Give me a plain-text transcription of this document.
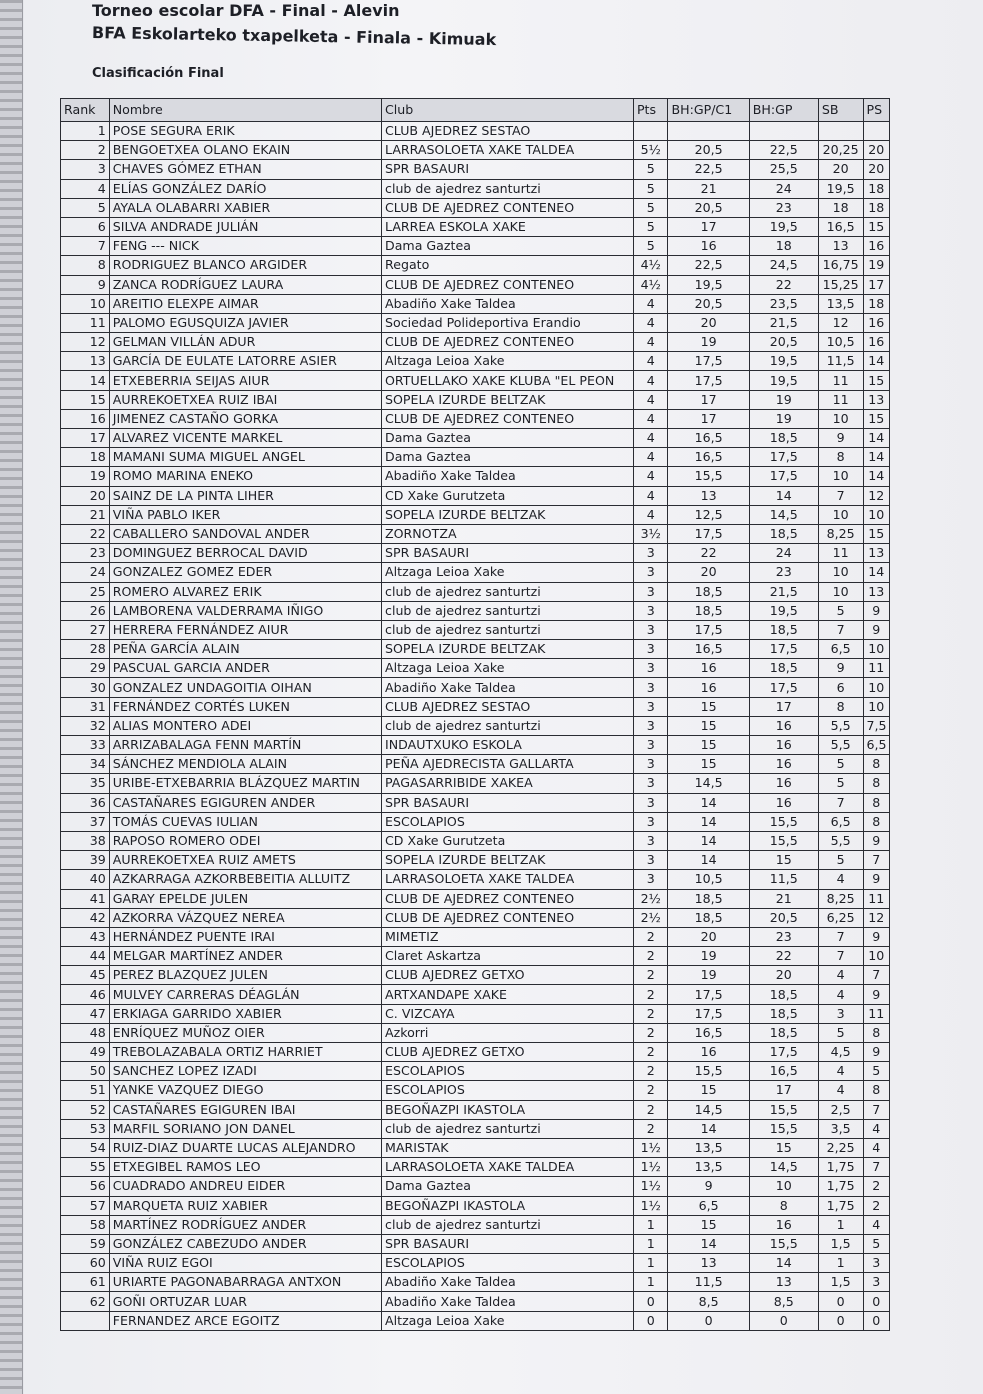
Torneo escolar DFA - Final - Alevin

BFA Eskolarteko txapelketa - Finala - Kimuak

Clasificación Final
Rank	Nombre	Club	Pts	BH:GP/C1	BH:GP	SB	PS
1	POSE SEGURA ERIK	CLUB AJEDREZ SESTAO					
2	BENGOETXEA OLANO EKAIN	LARRASOLOETA XAKE TALDEA	5½	20,5	22,5	20,25	20
3	CHAVES GÓMEZ ETHAN	SPR BASAURI	5	22,5	25,5	20	20
4	ELÍAS GONZÁLEZ DARÍO	club de ajedrez santurtzi	5	21	24	19,5	18
5	AYALA OLABARRI XABIER	CLUB DE AJEDREZ CONTENEO	5	20,5	23	18	18
6	SILVA ANDRADE JULIÁN	LARREA ESKOLA XAKE	5	17	19,5	16,5	15
7	FENG --- NICK	Dama Gaztea	5	16	18	13	16
8	RODRIGUEZ BLANCO ARGIDER	Regato	4½	22,5	24,5	16,75	19
9	ZANCA RODRÍGUEZ LAURA	CLUB DE AJEDREZ CONTENEO	4½	19,5	22	15,25	17
10	AREITIO ELEXPE AIMAR	Abadiño Xake Taldea	4	20,5	23,5	13,5	18
11	PALOMO EGUSQUIZA JAVIER	Sociedad Polideportiva Erandio	4	20	21,5	12	16
12	GELMAN VILLÁN ADUR	CLUB DE AJEDREZ CONTENEO	4	19	20,5	10,5	16
13	GARCÍA DE EULATE LATORRE ASIER	Altzaga Leioa Xake	4	17,5	19,5	11,5	14
14	ETXEBERRIA SEIJAS AIUR	ORTUELLAKO XAKE KLUBA "EL PEON	4	17,5	19,5	11	15
15	AURREKOETXEA RUIZ IBAI	SOPELA IZURDE BELTZAK	4	17	19	11	13
16	JIMENEZ CASTAÑO GORKA	CLUB DE AJEDREZ CONTENEO	4	17	19	10	15
17	ALVAREZ VICENTE MARKEL	Dama Gaztea	4	16,5	18,5	9	14
18	MAMANI SUMA MIGUEL ANGEL	Dama Gaztea	4	16,5	17,5	8	14
19	ROMO MARINA ENEKO	Abadiño Xake Taldea	4	15,5	17,5	10	14
20	SAINZ DE LA PINTA LIHER	CD Xake Gurutzeta	4	13	14	7	12
21	VIÑA PABLO IKER	SOPELA IZURDE BELTZAK	4	12,5	14,5	10	10
22	CABALLERO SANDOVAL ANDER	ZORNOTZA	3½	17,5	18,5	8,25	15
23	DOMINGUEZ BERROCAL DAVID	SPR BASAURI	3	22	24	11	13
24	GONZALEZ GOMEZ EDER	Altzaga Leioa Xake	3	20	23	10	14
25	ROMERO ALVAREZ ERIK	club de ajedrez santurtzi	3	18,5	21,5	10	13
26	LAMBORENA VALDERRAMA IÑIGO	club de ajedrez santurtzi	3	18,5	19,5	5	9
27	HERRERA FERNÁNDEZ AIUR	club de ajedrez santurtzi	3	17,5	18,5	7	9
28	PEÑA GARCÍA ALAIN	SOPELA IZURDE BELTZAK	3	16,5	17,5	6,5	10
29	PASCUAL GARCIA ANDER	Altzaga Leioa Xake	3	16	18,5	9	11
30	GONZALEZ UNDAGOITIA OIHAN	Abadiño Xake Taldea	3	16	17,5	6	10
31	FERNÁNDEZ CORTÉS LUKEN	CLUB AJEDREZ SESTAO	3	15	17	8	10
32	ALIAS MONTERO ADEI	club de ajedrez santurtzi	3	15	16	5,5	7,5
33	ARRIZABALAGA FENN MARTÍN	INDAUTXUKO ESKOLA	3	15	16	5,5	6,5
34	SÁNCHEZ MENDIOLA ALAIN	PEÑA AJEDRECISTA GALLARTA	3	15	16	5	8
35	URIBE-ETXEBARRIA BLÁZQUEZ MARTIN	PAGASARRIBIDE XAKEA	3	14,5	16	5	8
36	CASTAÑARES EGIGUREN ANDER	SPR BASAURI	3	14	16	7	8
37	TOMÁS CUEVAS IULIAN	ESCOLAPIOS	3	14	15,5	6,5	8
38	RAPOSO ROMERO ODEI	CD Xake Gurutzeta	3	14	15,5	5,5	9
39	AURREKOETXEA RUIZ AMETS	SOPELA IZURDE BELTZAK	3	14	15	5	7
40	AZKARRAGA AZKORBEBEITIA ALLUITZ	LARRASOLOETA XAKE TALDEA	3	10,5	11,5	4	9
41	GARAY EPELDE JULEN	CLUB DE AJEDREZ CONTENEO	2½	18,5	21	8,25	11
42	AZKORRA VÁZQUEZ NEREA	CLUB DE AJEDREZ CONTENEO	2½	18,5	20,5	6,25	12
43	HERNÁNDEZ PUENTE IRAI	MIMETIZ	2	20	23	7	9
44	MELGAR MARTÍNEZ ANDER	Claret Askartza	2	19	22	7	10
45	PEREZ BLAZQUEZ JULEN	CLUB AJEDREZ GETXO	2	19	20	4	7
46	MULVEY CARRERAS DÉAGLÁN	ARTXANDAPE XAKE	2	17,5	18,5	4	9
47	ERKIAGA GARRIDO XABIER	C. VIZCAYA	2	17,5	18,5	3	11
48	ENRÍQUEZ MUÑOZ OIER	Azkorri	2	16,5	18,5	5	8
49	TREBOLAZABALA ORTIZ HARRIET	CLUB AJEDREZ GETXO	2	16	17,5	4,5	9
50	SANCHEZ LOPEZ IZADI	ESCOLAPIOS	2	15,5	16,5	4	5
51	YANKE VAZQUEZ DIEGO	ESCOLAPIOS	2	15	17	4	8
52	CASTAÑARES EGIGUREN IBAI	BEGOÑAZPI IKASTOLA	2	14,5	15,5	2,5	7
53	MARFIL SORIANO JON DANEL	club de ajedrez santurtzi	2	14	15,5	3,5	4
54	RUIZ-DIAZ DUARTE LUCAS ALEJANDRO	MARISTAK	1½	13,5	15	2,25	4
55	ETXEGIBEL RAMOS LEO	LARRASOLOETA XAKE TALDEA	1½	13,5	14,5	1,75	7
56	CUADRADO ANDREU EIDER	Dama Gaztea	1½	9	10	1,75	2
57	MARQUETA RUIZ XABIER	BEGOÑAZPI IKASTOLA	1½	6,5	8	1,75	2
58	MARTÍNEZ RODRÍGUEZ ANDER	club de ajedrez santurtzi	1	15	16	1	4
59	GONZÁLEZ CABEZUDO ANDER	SPR BASAURI	1	14	15,5	1,5	5
60	VIÑA RUIZ EGOI	ESCOLAPIOS	1	13	14	1	3
61	URIARTE PAGONABARRAGA ANTXON	Abadiño Xake Taldea	1	11,5	13	1,5	3
62	GOÑI ORTUZAR LUAR	Abadiño Xake Taldea	0	8,5	8,5	0	0
	FERNANDEZ ARCE EGOITZ	Altzaga Leioa Xake	0	0	0	0	0
